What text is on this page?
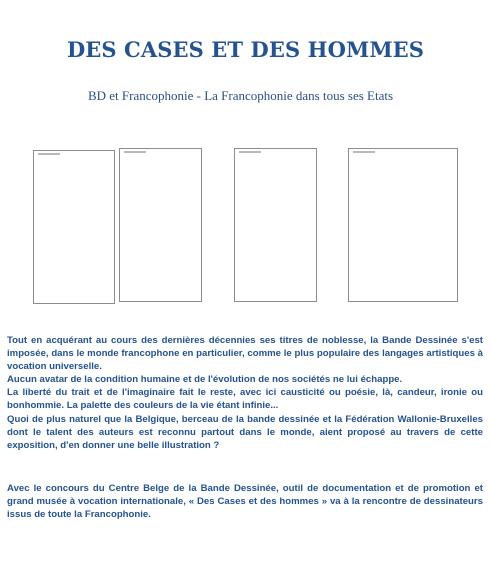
DES CASES ET DES HOMMES
BD et Francophonie - La Francophonie dans tous ses Etats

Tout en acquérant au cours des dernières décennies ses titres de noblesse, la Bande Dessinée s'est imposée, dans le monde francophone en particulier, comme le plus populaire des langages artistiques à vocation universelle.

Aucun avatar de la condition humaine et de l'évolution de nos sociétés ne lui échappe.

La liberté du trait et de l'imaginaire fait le reste, avec ici causticité ou poésie, là, candeur, ironie ou bonhommie. La palette des couleurs de la vie étant infinie...

Quoi de plus naturel que la Belgique, berceau de la bande dessinée et la Fédération Wallonie-Bruxelles dont le talent des auteurs est reconnu partout dans le monde, aient proposé au travers de cette exposition, d'en donner une belle illustration ?

Avec le concours du Centre Belge de la Bande Dessinée, outil de documentation et de promotion et grand musée à vocation internationale, « Des Cases et des hommes » va à la rencontre de dessinateurs issus de toute la Francophonie.
